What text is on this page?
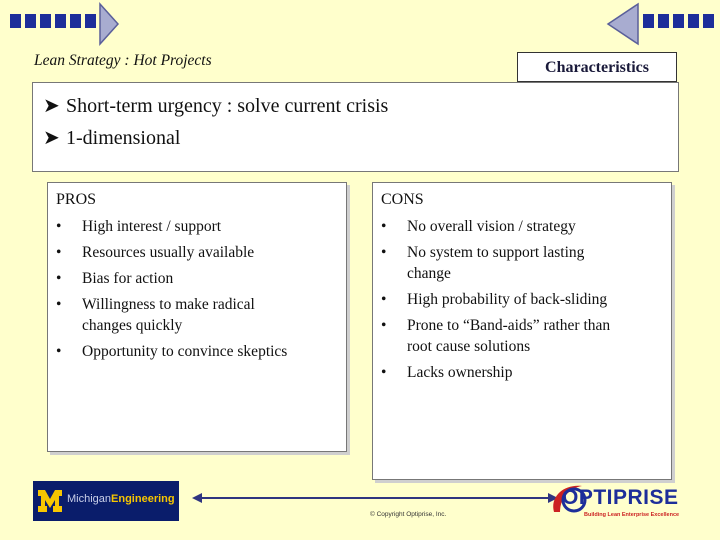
Lean Strategy : Hot Projects
➤ Short-term urgency : solve current crisis
➤ 1-dimensional
Characteristics
PROS
•	High interest / support
•	Resources usually available
•	Bias for action
•	Willingness to make radical
changes quickly
•	Opportunity to convince skeptics
CONS
•	No overall vision / strategy
•	No system to support lasting
change
•	High probability of back-sliding
•	Prone to “Band-aids” rather than
root cause solutions
•	Lacks ownership
MichiganEngineering
© Copyright Optiprise, Inc.
OPTIPRISE
Building Lean Enterprise Excellence
